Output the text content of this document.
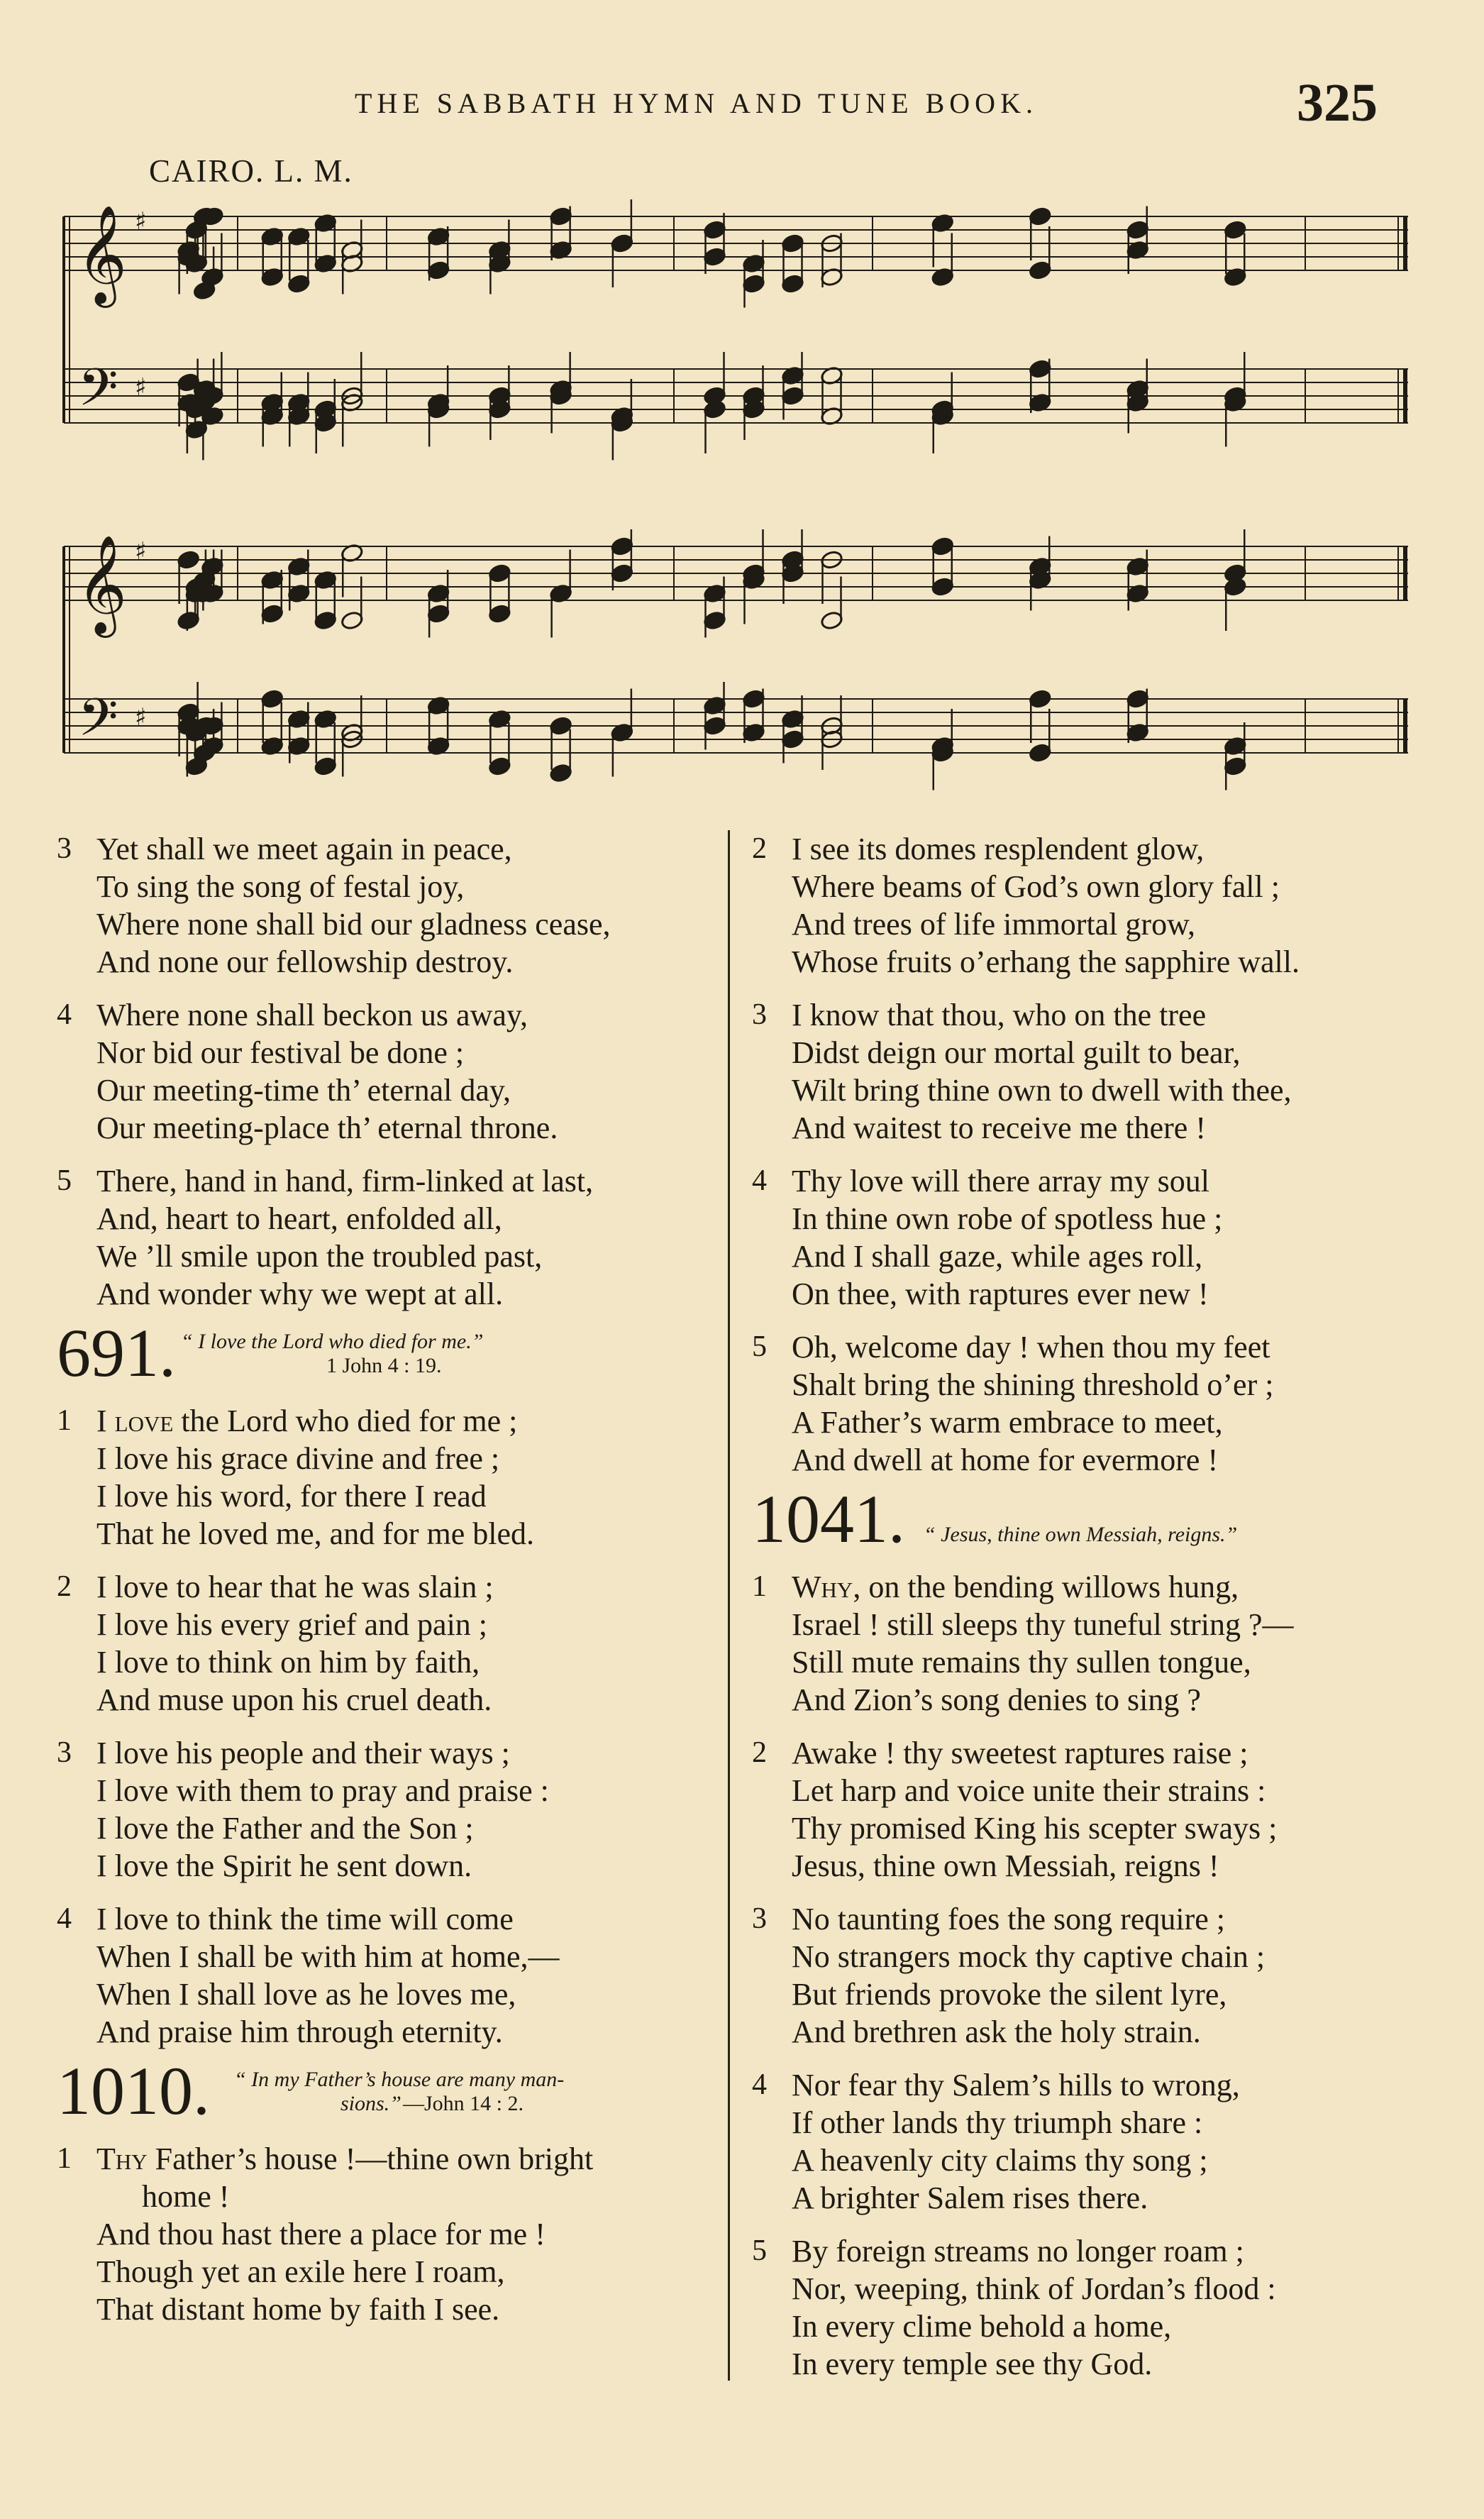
THE SABBATH HYMN AND TUNE BOOK.	325
CAIRO. L. M.
𝄞
𝄢
♯
♯
𝄞
𝄢
♯
♯
3 Yet shall we meet again in peace,
To sing the song of festal joy,
Where none shall bid our gladness cease,
And none our fellowship destroy.
4 Where none shall beckon us away,
Nor bid our festival be done ;
Our meeting-time th’ eternal day,
Our meeting-place th’ eternal throne.
5 There, hand in hand, firm-linked at last,
And, heart to heart, enfolded all,
We ’ll smile upon the troubled past,
And wonder why we wept at all.
691. “ I love the Lord who died for me.”
1 John 4 : 19.
1 I love the Lord who died for me ;
I love his grace divine and free ;
I love his word, for there I read
That he loved me, and for me bled.
2 I love to hear that he was slain ;
I love his every grief and pain ;
I love to think on him by faith,
And muse upon his cruel death.
3 I love his people and their ways ;
I love with them to pray and praise :
I love the Father and the Son ;
I love the Spirit he sent down.
4 I love to think the time will come
When I shall be with him at home,—
When I shall love as he loves me,
And praise him through eternity.
1010. “ In my Father’s house are many man-
sions.” —John 14 : 2.
1 Thy Father’s house !—thine own bright
home !
And thou hast there a place for me !
Though yet an exile here I roam,
That distant home by faith I see.
2 I see its domes resplendent glow,
Where beams of God’s own glory fall ;
And trees of life immortal grow,
Whose fruits o’erhang the sapphire wall.
3 I know that thou, who on the tree
Didst deign our mortal guilt to bear,
Wilt bring thine own to dwell with thee,
And waitest to receive me there !
4 Thy love will there array my soul
In thine own robe of spotless hue ;
And I shall gaze, while ages roll,
On thee, with raptures ever new !
5 Oh, welcome day ! when thou my feet
Shalt bring the shining threshold o’er ;
A Father’s warm embrace to meet,
And dwell at home for evermore !
1041. “ Jesus, thine own Messiah, reigns.”
1 Why, on the bending willows hung,
Israel ! still sleeps thy tuneful string ?—
Still mute remains thy sullen tongue,
And Zion’s song denies to sing ?
2 Awake ! thy sweetest raptures raise ;
Let harp and voice unite their strains :
Thy promised King his scepter sways ;
Jesus, thine own Messiah, reigns !
3 No taunting foes the song require ;
No strangers mock thy captive chain ;
But friends provoke the silent lyre,
And brethren ask the holy strain.
4 Nor fear thy Salem’s hills to wrong,
If other lands thy triumph share :
A heavenly city claims thy song ;
A brighter Salem rises there.
5 By foreign streams no longer roam ;
Nor, weeping, think of Jordan’s flood :
In every clime behold a home,
In every temple see thy God.
